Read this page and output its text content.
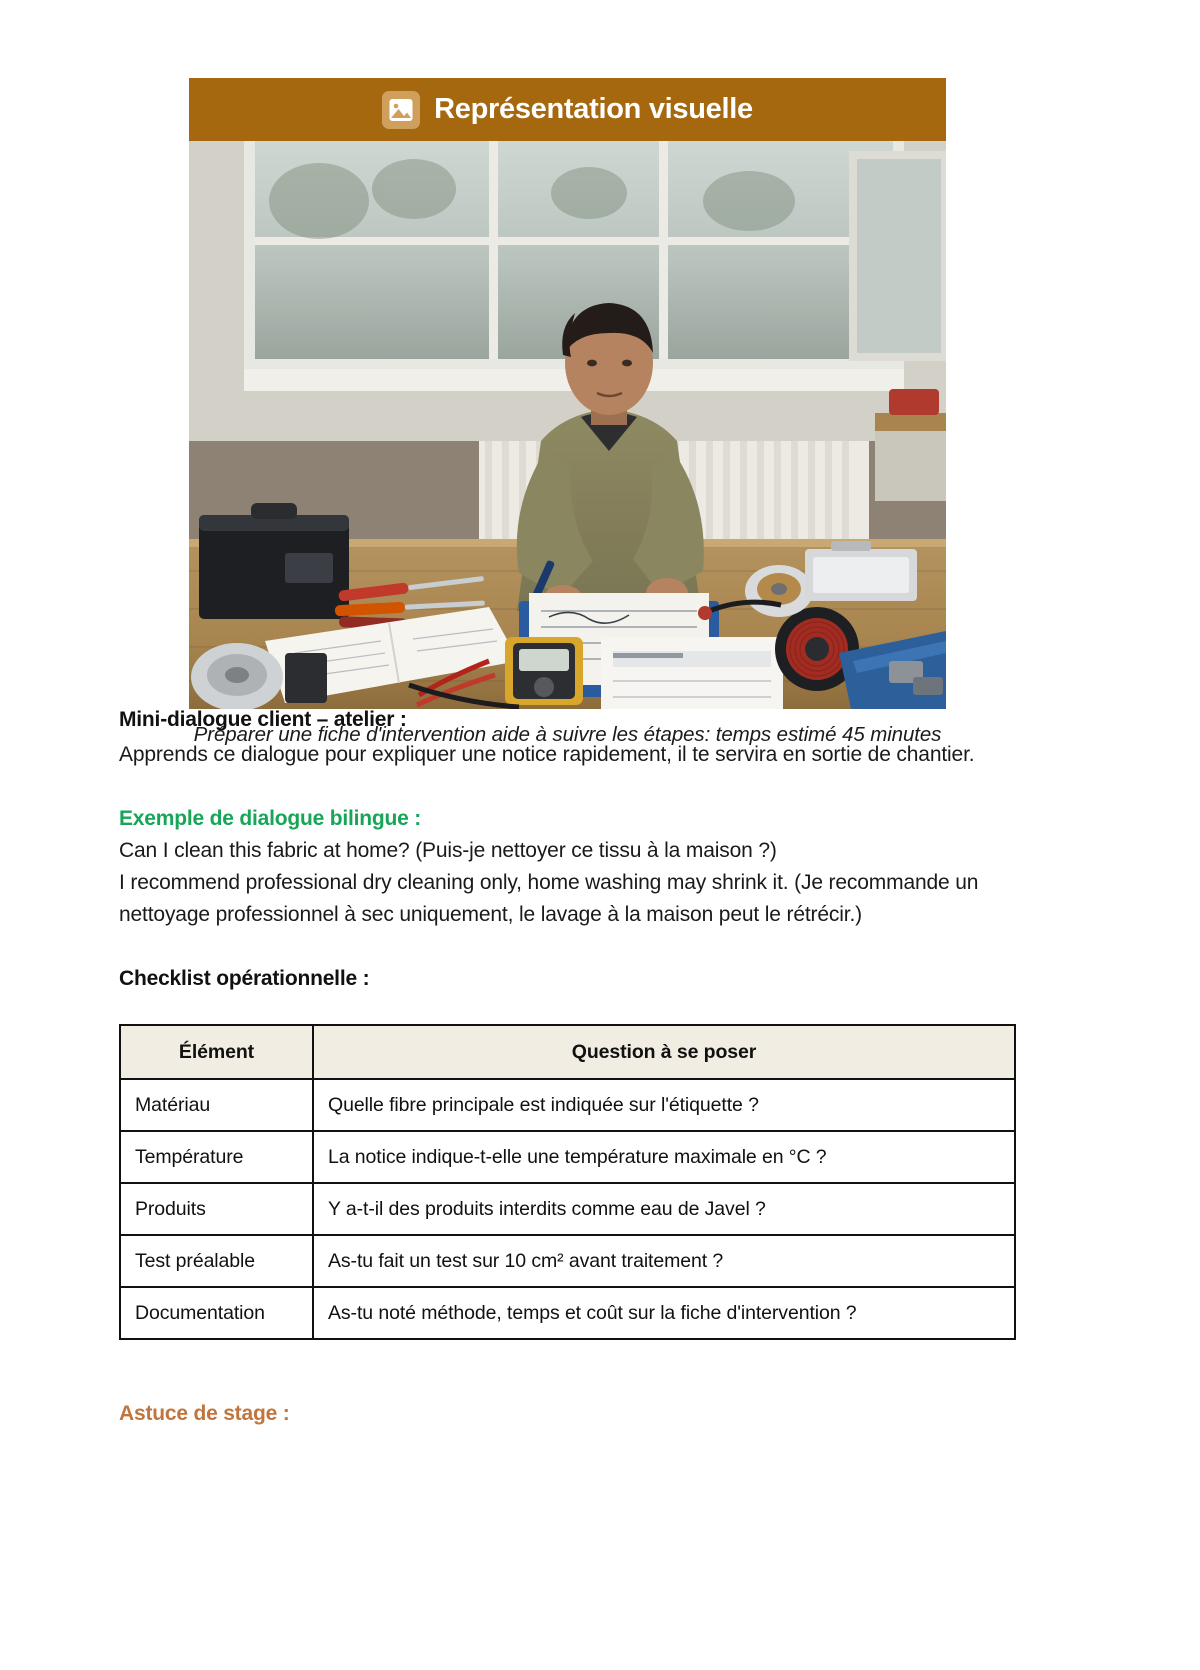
Représentation visuelle
Préparer une fiche d'intervention aide à suivre les étapes: temps estimé 45 minutes

Mini-dialogue client – atelier :

Apprends ce dialogue pour expliquer une notice rapidement, il te servira en sortie de chantier.

Exemple de dialogue bilingue :

Can I clean this fabric at home? (Puis-je nettoyer ce tissu à la maison ?)

I recommend professional dry cleaning only, home washing may shrink it. (Je recommande un nettoyage professionnel à sec uniquement, le lavage à la maison peut le rétrécir.)

Checklist opérationnelle :

Élément	Question à se poser
Matériau	Quelle fibre principale est indiquée sur l'étiquette ?
Température	La notice indique-t-elle une température maximale en °C ?
Produits	Y a-t-il des produits interdits comme eau de Javel ?
Test préalable	As-tu fait un test sur 10 cm² avant traitement ?
Documentation	As-tu noté méthode, temps et coût sur la fiche d'intervention ?

Astuce de stage :
